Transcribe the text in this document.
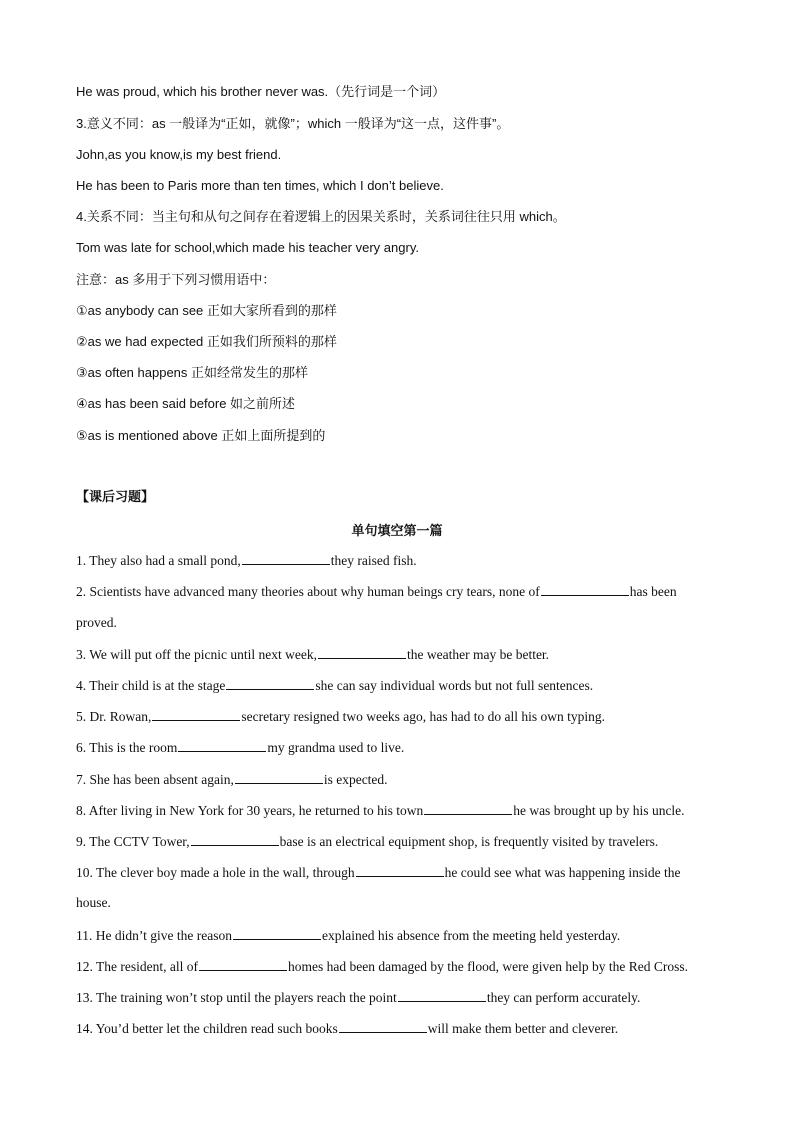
He was proud, which his brother never was.（先行词是一个词）
3.意义不同：as 一般译为“正如，就像”；which 一般译为“这一点，这件事”。
John,as you know,is my best friend.
He has been to Paris more than ten times, which I don’t believe.
4.关系不同：当主句和从句之间存在着逻辑上的因果关系时，关系词往往只用 which。
Tom was late for school,which made his teacher very angry.
注意：as 多用于下列习惯用语中：
①as anybody can see 正如大家所看到的那样
②as we had expected 正如我们所预料的那样
③as often happens 正如经常发生的那样
④as has been said before 如之前所述
⑤as is mentioned above 正如上面所提到的
【课后习题】
单句填空第一篇
1. They also had a small pond,	they raised fish.
2. Scientists have advanced many theories about why human beings cry tears, none of	has been
proved.
3. We will put off the picnic until next week,	the weather may be better.
4. Their child is at the stage	she can say individual words but not full sentences.
5. Dr. Rowan,	secretary resigned two weeks ago, has had to do all his own typing.
6. This is the room	my grandma used to live.
7. She has been absent again,	is expected.
8. After living in New York for 30 years, he returned to his town	he was brought up by his uncle.
9. The CCTV Tower,	base is an electrical equipment shop, is frequently visited by travelers.
10. The clever boy made a hole in the wall, through	he could see what was happening inside the
house.
11. He didn’t give the reason	explained his absence from the meeting held yesterday.
12. The resident, all of	homes had been damaged by the flood, were given help by the Red Cross.
13. The training won’t stop until the players reach the point	they can perform accurately.
14. You’d better let the children read such books	will make them better and cleverer.
